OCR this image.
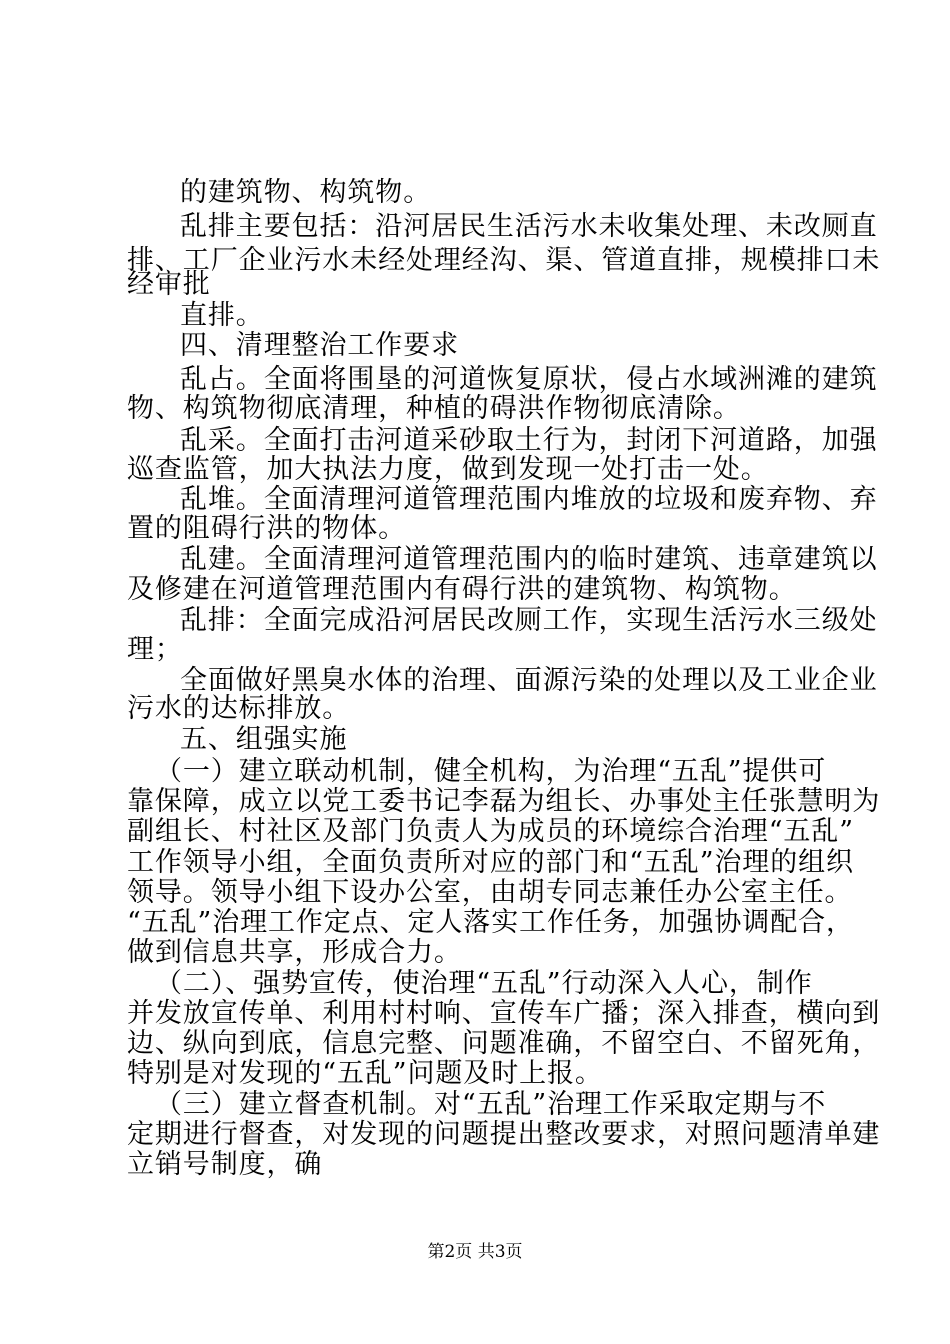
的建筑物、构筑物。
乱排主要包括：沿河居民生活污水未收集处理、未改厕直
排、工厂企业污水未经处理经沟、渠、管道直排，规模排口未
经审批
直排。
四、清理整治工作要求
乱占。全面将围垦的河道恢复原状，侵占水域洲滩的建筑
物、构筑物彻底清理，种植的碍洪作物彻底清除。
乱采。全面打击河道采砂取土行为，封闭下河道路，加强
巡查监管，加大执法力度，做到发现一处打击一处。
乱堆。全面清理河道管理范围内堆放的垃圾和废弃物、弃
置的阻碍行洪的物体。
乱建。全面清理河道管理范围内的临时建筑、违章建筑以
及修建在河道管理范围内有碍行洪的建筑物、构筑物。
乱排：全面完成沿河居民改厕工作，实现生活污水三级处
理；
全面做好黑臭水体的治理、面源污染的处理以及工业企业
污水的达标排放。
五、组强实施
（一）建立联动机制，健全机构，为治理“五乱”提供可
靠保障，成立以党工委书记李磊为组长、办事处主任张慧明为
副组长、村社区及部门负责人为成员的环境综合治理“五乱”
工作领导小组，全面负责所对应的部门和“五乱”治理的组织
领导。领导小组下设办公室，由胡专同志兼任办公室主任。
“五乱”治理工作定点、定人落实工作任务，加强协调配合，
做到信息共享，形成合力。
（二）、强势宣传，使治理“五乱”行动深入人心，制作
并发放宣传单、利用村村响、宣传车广播；深入排查，横向到
边、纵向到底，信息完整、问题准确，不留空白、不留死角，
特别是对发现的“五乱”问题及时上报。
（三）建立督查机制。对“五乱”治理工作采取定期与不
定期进行督查，对发现的问题提出整改要求，对照问题清单建
立销号制度，确
第2页 共3页
